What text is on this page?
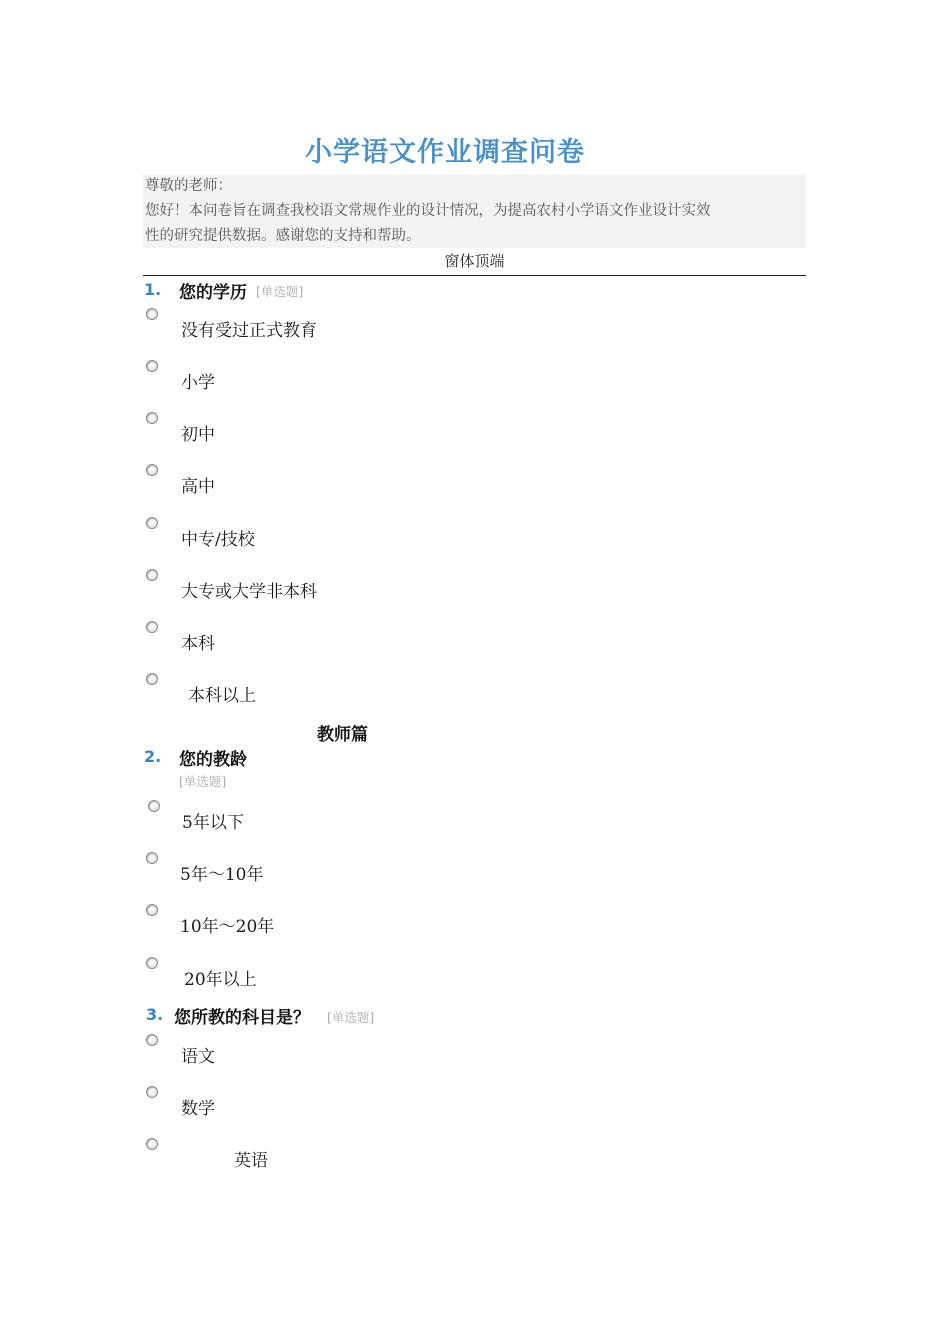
小学语文作业调查问卷

尊敬的老师：

您好！本问卷旨在调查我校语文常规作业的设计情况，为提高农村小学语文作业设计实效

性的研究提供数据。感谢您的支持和帮助。

窗体顶端
1. 您的学历 [单选题]
没有受过正式教育
小学
初中
高中
中专/技校
大专或大学非本科
本科
本科以上
教师篇
2. 您的教龄
[单选题]
5年以下
5年～10年
10年～20年
20年以上
3. 您所教的科目是？ [单选题]
语文
数学
英语
